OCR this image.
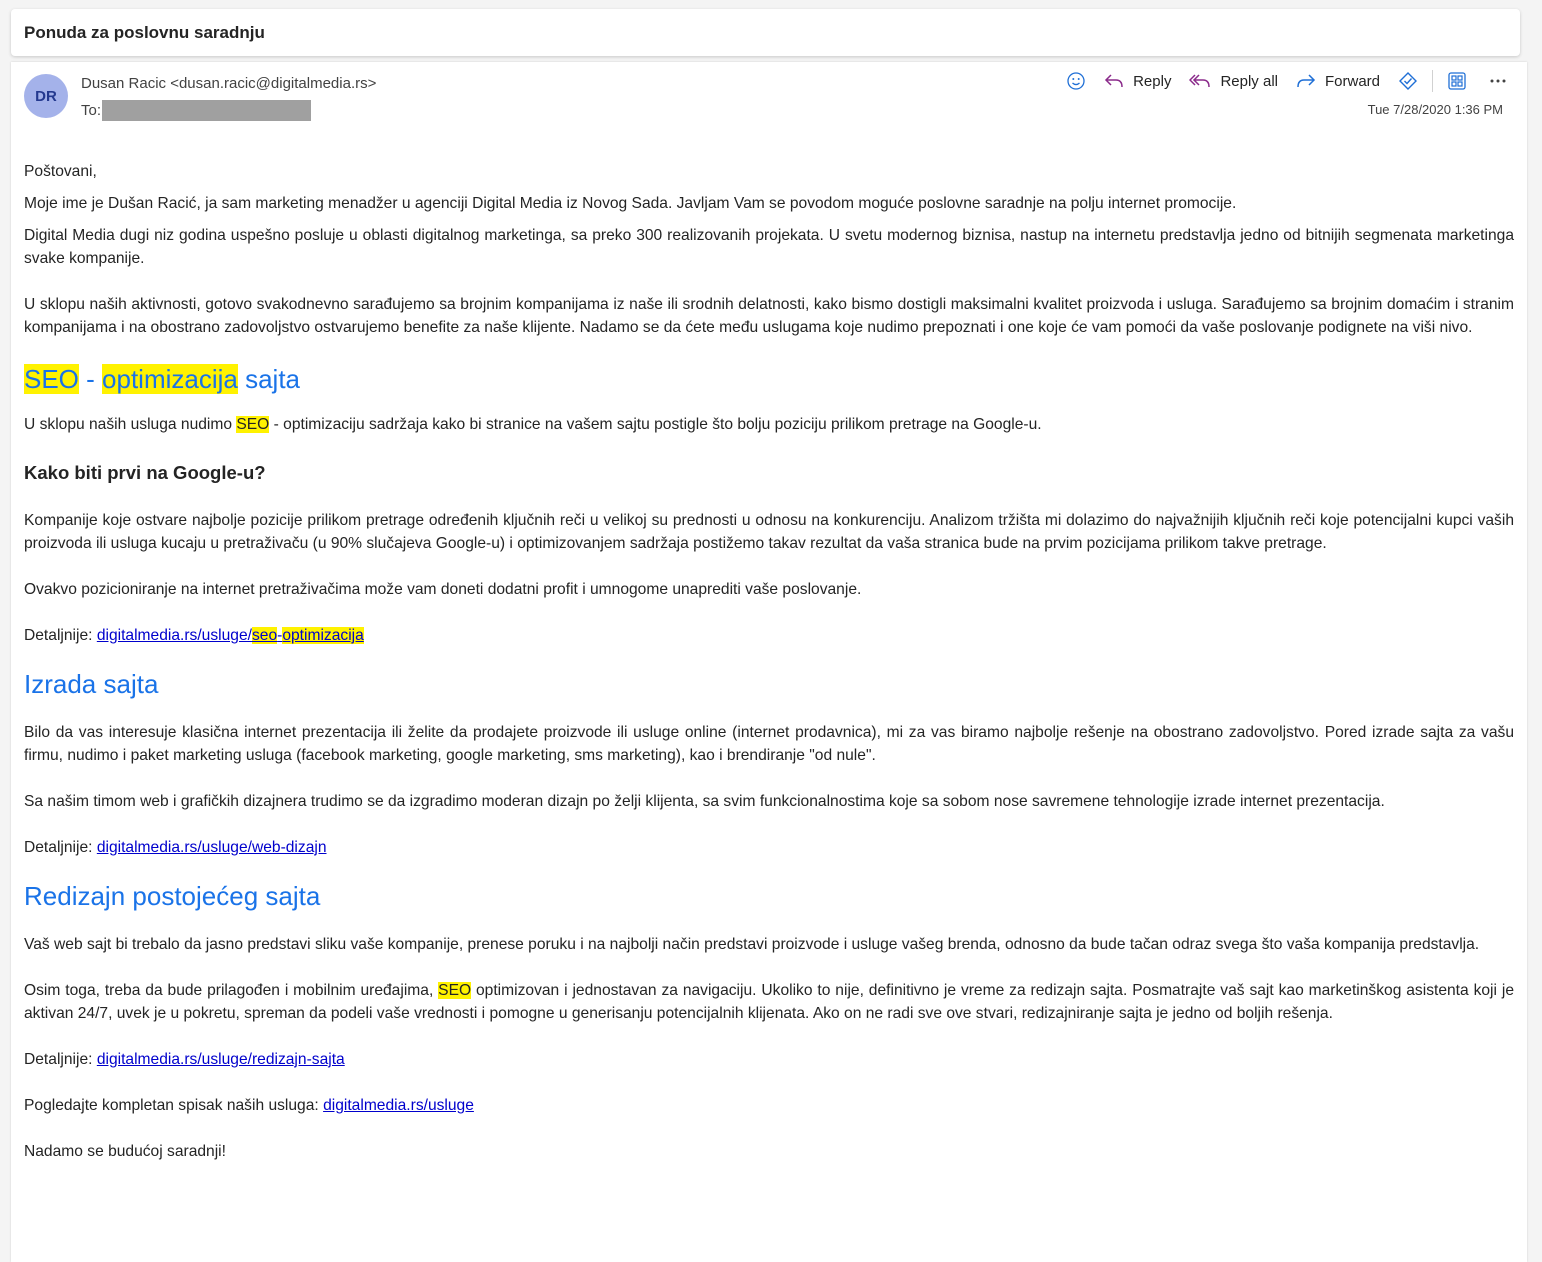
Ponuda za poslovnu saradnju
DR
Dusan Racic <dusan.racic@digitalmedia.rs>
To:
Reply	Reply all	Forward
Tue 7/28/2020 1:36 PM

Poštovani,

Moje ime je Dušan Racić, ja sam marketing menadžer u agenciji Digital Media iz Novog Sada. Javljam Vam se povodom moguće poslovne saradnje na polju internet promocije.

Digital Media dugi niz godina uspešno posluje u oblasti digitalnog marketinga, sa preko 300 realizovanih projekata. U svetu modernog biznisa, nastup na internetu predstavlja jedno od bitnijih segmenata marketinga svake kompanije.

U sklopu naših aktivnosti, gotovo svakodnevno sarađujemo sa brojnim kompanijama iz naše ili srodnih delatnosti, kako bismo dostigli maksimalni kvalitet proizvoda i usluga. Sarađujemo sa brojnim domaćim i stranim kompanijama i na obostrano zadovoljstvo ostvarujemo benefite za naše klijente. Nadamo se da ćete među uslugama koje nudimo prepoznati i one koje će vam pomoći da vaše poslovanje podignete na viši nivo.

SEO - optimizacija sajta

U sklopu naših usluga nudimo SEO - optimizaciju sadržaja kako bi stranice na vašem sajtu postigle što bolju poziciju prilikom pretrage na Google-u.

Kako biti prvi na Google-u?

Kompanije koje ostvare najbolje pozicije prilikom pretrage određenih ključnih reči u velikoj su prednosti u odnosu na konkurenciju. Analizom tržišta mi dolazimo do najvažnijih ključnih reči koje potencijalni kupci vaših proizvoda ili usluga kucaju u pretraživaču (u 90% slučajeva Google-u) i optimizovanjem sadržaja postižemo takav rezultat da vaša stranica bude na prvim pozicijama prilikom takve pretrage.

Ovakvo pozicioniranje na internet pretraživačima može vam doneti dodatni profit i umnogome unaprediti vaše poslovanje.

Detaljnije: digitalmedia.rs/usluge/seo-optimizacija

Izrada sajta

Bilo da vas interesuje klasična internet prezentacija ili želite da prodajete proizvode ili usluge online (internet prodavnica), mi za vas biramo najbolje rešenje na obostrano zadovoljstvo. Pored izrade sajta za vašu firmu, nudimo i paket marketing usluga (facebook marketing, google marketing, sms marketing), kao i brendiranje "od nule".

Sa našim timom web i grafičkih dizajnera trudimo se da izgradimo moderan dizajn po želji klijenta, sa svim funkcionalnostima koje sa sobom nose savremene tehnologije izrade internet prezentacija.

Detaljnije: digitalmedia.rs/usluge/web-dizajn

Redizajn postojećeg sajta

Vaš web sajt bi trebalo da jasno predstavi sliku vaše kompanije, prenese poruku i na najbolji način predstavi proizvode i usluge vašeg brenda, odnosno da bude tačan odraz svega što vaša kompanija predstavlja.

Osim toga, treba da bude prilagođen i mobilnim uređajima, SEO optimizovan i jednostavan za navigaciju. Ukoliko to nije, definitivno je vreme za redizajn sajta. Posmatrajte vaš sajt kao marketinškog asistenta koji je aktivan 24/7, uvek je u pokretu, spreman da podeli vaše vrednosti i pomogne u generisanju potencijalnih klijenata. Ako on ne radi sve ove stvari, redizajniranje sajta je jedno od boljih rešenja.

Detaljnije: digitalmedia.rs/usluge/redizajn-sajta

Pogledajte kompletan spisak naših usluga: digitalmedia.rs/usluge

Nadamo se budućoj saradnji!
